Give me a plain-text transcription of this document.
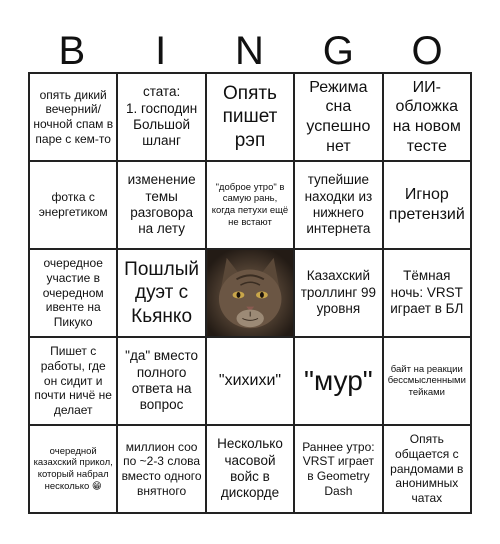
B	I	N	G	O
опять дикий вечерний/ ночной спам в паре с кем-то
стата:
1. господин Большой шланг
Опять пишет рэп
Режима сна успешно нет
ИИ-обложка на новом тесте
фотка с энергетиком
изменение темы разговора на лету
"доброе утро" в самую рань, когда петухи ещё не встают
тупейшие находки из нижнего интернета
Игнор претензий
очередное участие в очередном ивенте на Пикуко
Пошлый дуэт с Кьянко
Казахский троллинг 99 уровня
Тёмная ночь: VRST играет в БЛ
Пишет с работы, где он сидит и почти ничё не делает
"да" вместо полного ответа на вопрос
"хихихи" "мур"	байт на реакции бессмысленными тейками
очередной казахский прикол, который набрал несколько 😁
миллион соо по ~2-3 слова вместо одного внятного
Несколько часовой войс в дискорде
Раннее утро: VRST играет в Geometry Dash
Опять общается с рандомами в анонимных чатах
